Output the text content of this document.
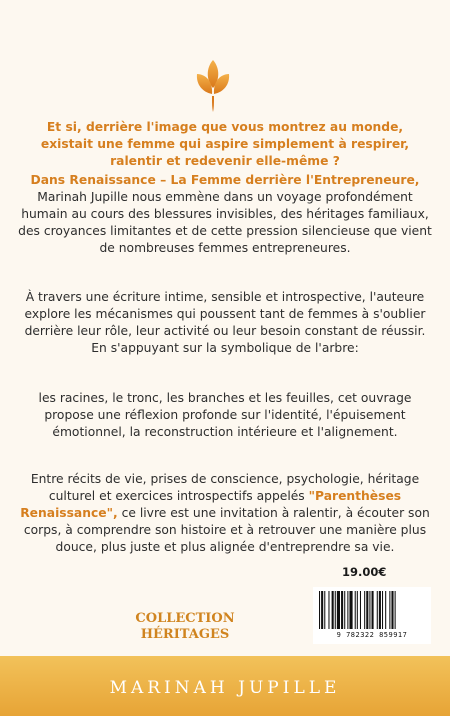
Et si, derrière l'image que vous montrez au monde, existait une femme qui aspire simplement à respirer, ralentir et redevenir elle-même ?

Dans Renaissance – La Femme derrière l'Entrepreneure, Marinah Jupille nous emmène dans un voyage profondément humain au cours des blessures invisibles, des héritages familiaux, des croyances limitantes et de cette pression silencieuse que vient de nombreuses femmes entrepreneures.

À travers une écriture intime, sensible et introspective, l'auteure explore les mécanismes qui poussent tant de femmes à s'oublier derrière leur rôle, leur activité ou leur besoin constant de réussir. En s'appuyant sur la symbolique de l'arbre:

les racines, le tronc, les branches et les feuilles, cet ouvrage propose une réflexion profonde sur l'identité, l'épuisement émotionnel, la reconstruction intérieure et l'alignement.

Entre récits de vie, prises de conscience, psychologie, héritage culturel et exercices introspectifs appelés "Parenthèses Renaissance", ce livre est une invitation à ralentir, à écouter son corps, à comprendre son histoire et à retrouver une manière plus douce, plus juste et plus alignée d'entreprendre sa vie.

19.00€
COLLECTION
HÉRITAGES	9 782322 859917
MARINAH JUPILLE
